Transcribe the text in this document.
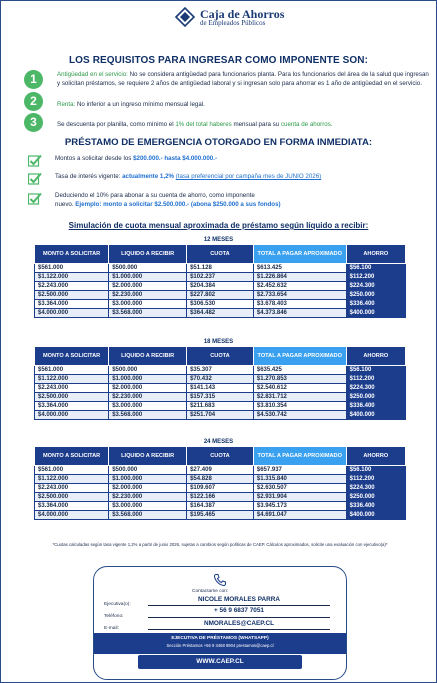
Caja de Ahorros
de Empleados Públicos
LOS REQUISITOS PARA INGRESAR COMO IMPONENTE SON:
1	Antigüedad en el servicio: No se considera antigüedad para funcionarios planta. Para los funcionarios del área de la salud que ingresan y solicitan préstamos, se requiere 2 años de antigüedad laboral y si ingresan solo para ahorrar es 1 año de antigüedad en el servicio.
2	Renta: No inferior a un ingreso mínimo mensual legal.
3	Se descuenta por planilla, como mínimo el 1% del total haberes mensual para su cuenta de ahorros.
PRÉSTAMO DE EMERGENCIA OTORGADO EN FORMA INMEDIATA:
Montos a solicitar desde los $200.000.- hasta $4.000.000.-
Tasa de interés vigente: actualmente 1,2% (tasa preferencial por campaña mes de JUNIO 2026)
Deduciendo el 10% para abonar a su cuenta de ahorro, como imponente
nuevo. Ejemplo: monto a solicitar $2.500.000.- (abona $250.000 a sus fondos)
Simulación de cuota mensual aproximada de préstamo según líquido a recibir:
12 MESES
MONTO A SOLICITAR	LIQUIDO A RECIBIR	CUOTA	TOTAL A PAGAR APROXIMADO	AHORRO
$561.000	$500.000	$51.128	$613.425	$56.100
$1.122.000	$1.000.000	$102.237	$1.226.864	$112.200
$2.243.000	$2.000.000	$204.384	$2.452.632	$224.300
$2.500.000	$2.230.000	$227.802	$2.733.654	$250.000
$3.364.000	$3.000.000	$306.530	$3.678.403	$336.400
$4.000.000	$3.568.000	$364.482	$4.373.846	$400.000
18 MESES
MONTO A SOLICITAR	LIQUIDO A RECIBIR	CUOTA	TOTAL A PAGAR APROXIMADO	AHORRO
$561.000	$500.000	$35.307	$635.425	$56.100
$1.122.000	$1.000.000	$70.432	$1.270.853	$112.200
$2.243.000	$2.000.000	$141.143	$2.540.612	$224.300
$2.500.000	$2.230.000	$157.315	$2.831.712	$250.000
$3.364.000	$3.000.000	$211.683	$3.810.354	$336.400
$4.000.000	$3.568.000	$251.704	$4.530.742	$400.000
24 MESES
MONTO A SOLICITAR	LIQUIDO A RECIBIR	CUOTA	TOTAL A PAGAR APROXIMADO	AHORRO
$561.000	$500.000	$27.409	$657.937	$56.100
$1.122.000	$1.000.000	$54.828	$1.315.840	$112.200
$2.243.000	$2.000.000	$109.607	$2.630.507	$224.300
$2.500.000	$2.230.000	$122.166	$2.931.904	$250.000
$3.364.000	$3.000.000	$164.387	$3.945.173	$336.400
$4.000.000	$3.568.000	$195.465	$4.691.047	$400.000
*Cuotas calculadas según tasa vigente 1,2% a partir de junio 2026, sujetas a cambios según políticas de CAEP. Cálculos aproximados, solicite una evaluación con ejecutivo(a)*
Contactarse con:
NICOLE MORALES PARRA
Ejecutiva(o):
+ 56 9 6837 7051
Teléfono:
NMORALES@CAEP.CL
E-mail:
EJECUTIVA DE PRÉSTAMOS (WHATSAPP)
Sección Préstamos +56 9 3468 8904 prestamos@caep.cl
WWW.CAEP.CL
